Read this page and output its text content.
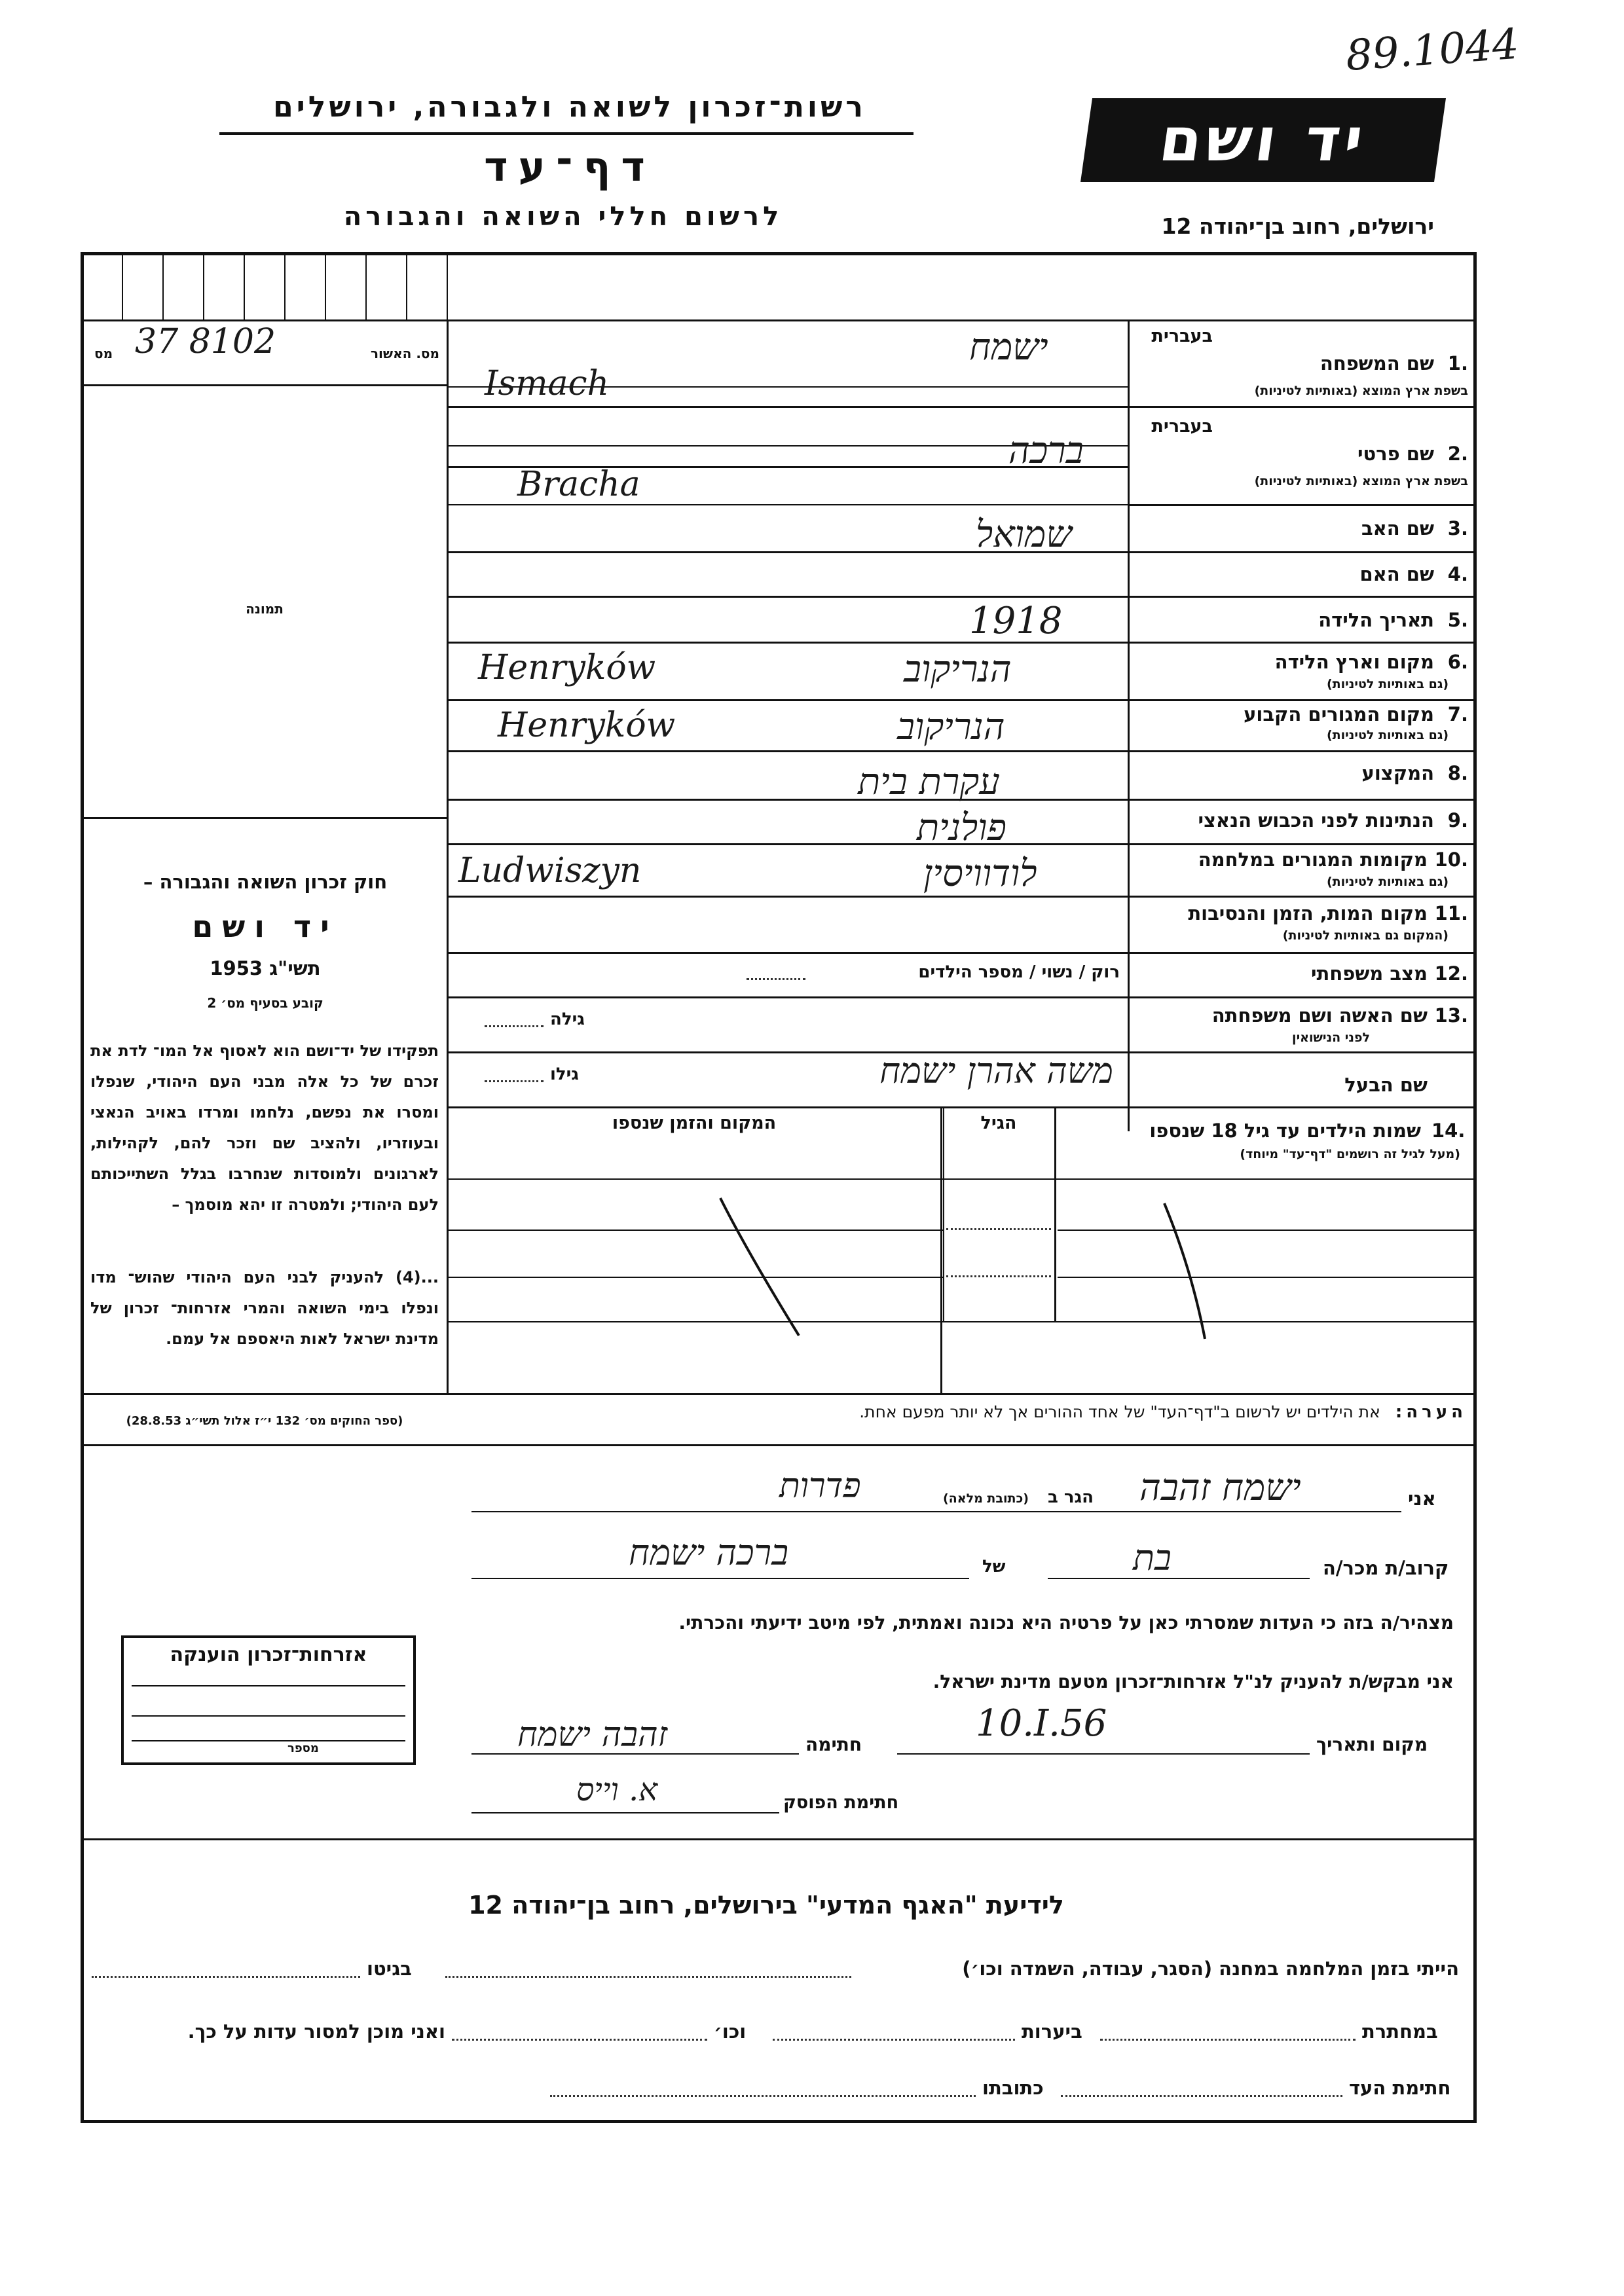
89.1044
רשות־זכרון לשואה ולגבורה, ירושלים
דף־עד
לרשום חללי השואה והגבורה
יד ושם
ירושלים, רחוב בן־יהודה 12
37 8102	מס. האשור
מס
תמונה
חוק זכרון השואה והגבורה –
יד ושם
תשי"ג 1953
קובע בסעיף מס׳ 2
תפקידו של יד־ושם הוא לאסוף אל המו־ לדת את זכרם של כל אלה מבני העם היהודי, שנפלו ומסרו את נפשם, נלחמו ומרדו באויב הנאצי ובעוזריו, ולהציב שם וזכר להם, לקהילות, לארגונים ולמוסדות שנחרבו בגלל השתייכותם לעם היהודי; ולמטרה זו יהא מוסמך –
...(4) להעניק לבני העם היהודי שהוש־ מדו ונפלו בימי השואה והמרי אזרחות־ זכרון של מדינת ישראל לאות היאספם אל עמם.
(ספר החוקים מס׳ 132 י״ז אלול תשי״ג 28.8.53)
בעברית
1.
שם המשפחה
בשפת ארץ המוצא (באותיות לטיניות)
בעברית
2.
שם פרטי
בשפת ארץ המוצא (באותיות לטיניות)
3.
שם האב
4.
שם האם
5.
תאריך הלידה
6.
מקום וארץ הלידה
(גם באותיות לטיניות)
7.
מקום המגורים הקבוע
(גם באותיות לטיניות)
8.
המקצוע
9.
הנתינות לפני הכבוש הנאצי
10.
מקומות המגורים במלחמה
(גם באותיות לטיניות)
11.
מקום המות, הזמן והנסיבות
(המקום גם באותיות לטיניות)
12.
מצב משפחתי
13.
שם האשה ושם משפחתה
לפני הנישואין
שם הבעל
ישמח
Ismach
ברכה
Bracha
שמואל
1918
הנריקוב
Henryków
הנריקוב
Henryków
עקרת בית
פולנית
לודוויסין
Ludwiszyn
רוק / נשוי / מספר הילדים
גילה
משה אהרן ישמח
גילו
14.
שמות הילדים עד גיל 18 שנספו
(מעל לגיל זה רושמים "דף־עד" מיוחד)
הגיל
המקום והזמן שנספו
הערה: את הילדים יש לרשום ב"דף־העד" של אחד ההורים אך לא יותר מפעם אחת.
אני
ישמח זהבה
הגר ב
(כתובת מלאה)
פדרות
קרוב/ת מכר/ה
בת
של
ברכה ישמח
מצהיר/ה בזה כי העדות שמסרתי כאן על פרטיה היא נכונה ואמתית, לפי מיטב ידיעתי והכרתי.
אני מבקש/ת להעניק לנ"ל אזרחות־זכרון מטעם מדינת ישראל.
מקום ותאריך
10.I.56
חתימה
זהבה ישמח
חתימת הפוסק
א. וייס
אזרחות־זכרון הוענקה
מספר
לידיעת "האגף המדעי" בירושלים, רחוב בן־יהודה 12
הייתי בזמן המלחמה במחנה (הסגר, עבודה, השמדה וכו׳)
בגיטו
במחתרת
ביערות
וכו׳
ואני מוכן למסור עדות על כך.
חתימת העד
כתובתו
